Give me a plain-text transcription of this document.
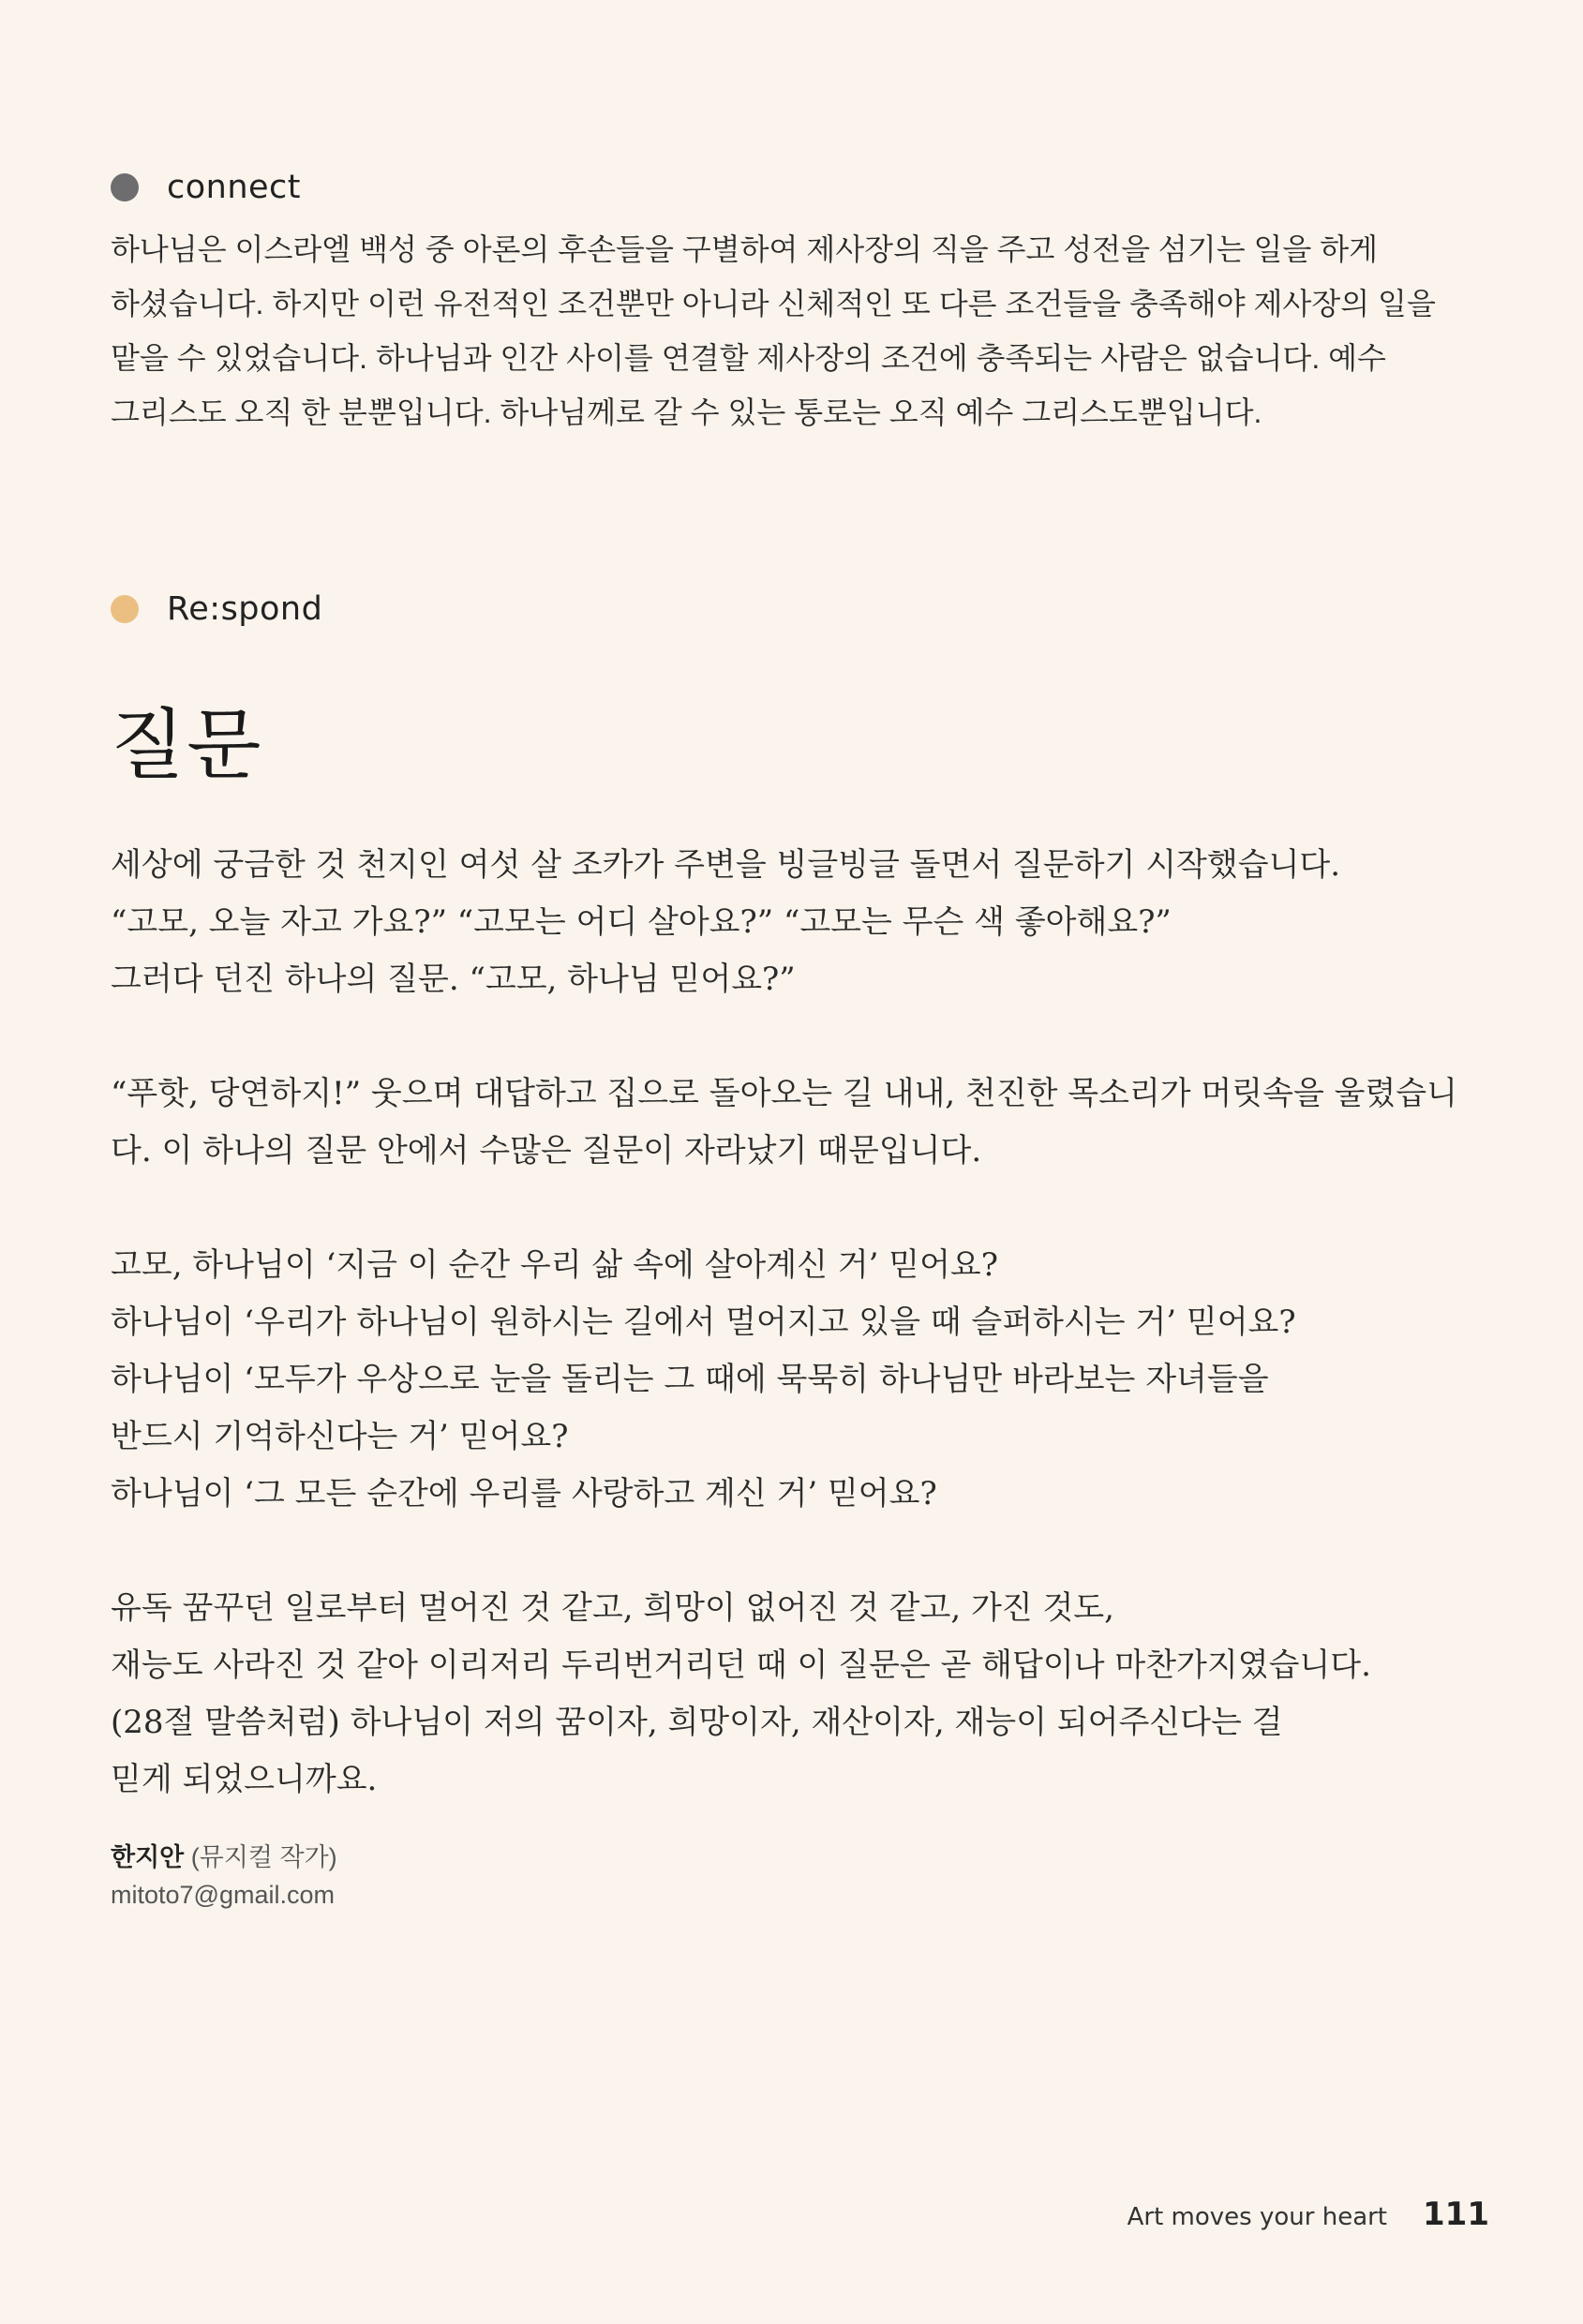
connect

하나님은 이스라엘 백성 중 아론의 후손들을 구별하여 제사장의 직을 주고 성전을 섬기는 일을 하게 하셨습니다. 하지만 이런 유전적인 조건뿐만 아니라 신체적인 또 다른 조건들을 충족해야 제사장의 일을 맡을 수 있었습니다. 하나님과 인간 사이를 연결할 제사장의 조건에 충족되는 사람은 없습니다. 예수 그리스도 오직 한 분뿐입니다. 하나님께로 갈 수 있는 통로는 오직 예수 그리스도뿐입니다.

Re:spond
질문

세상에 궁금한 것 천지인 여섯 살 조카가 주변을 빙글빙글 돌면서 질문하기 시작했습니다.
“고모, 오늘 자고 가요?” “고모는 어디 살아요?” “고모는 무슨 색 좋아해요?”
그러다 던진 하나의 질문. “고모, 하나님 믿어요?”

“푸핫, 당연하지!” 웃으며 대답하고 집으로 돌아오는 길 내내, 천진한 목소리가 머릿속을 울렸습니
다. 이 하나의 질문 안에서 수많은 질문이 자라났기 때문입니다.

고모, 하나님이 ‘지금 이 순간 우리 삶 속에 살아계신 거’ 믿어요?
하나님이 ‘우리가 하나님이 원하시는 길에서 멀어지고 있을 때 슬퍼하시는 거’ 믿어요?
하나님이 ‘모두가 우상으로 눈을 돌리는 그 때에 묵묵히 하나님만 바라보는 자녀들을
반드시 기억하신다는 거’ 믿어요?
하나님이 ‘그 모든 순간에 우리를 사랑하고 계신 거’ 믿어요?

유독 꿈꾸던 일로부터 멀어진 것 같고, 희망이 없어진 것 같고, 가진 것도,
재능도 사라진 것 같아 이리저리 두리번거리던 때 이 질문은 곧 해답이나 마찬가지였습니다.
(28절 말씀처럼) 하나님이 저의 꿈이자, 희망이자, 재산이자, 재능이 되어주신다는 걸
믿게 되었으니까요.

한지안 (뮤지컬 작가)
mitoto7@gmail.com
Art moves your heart 111
